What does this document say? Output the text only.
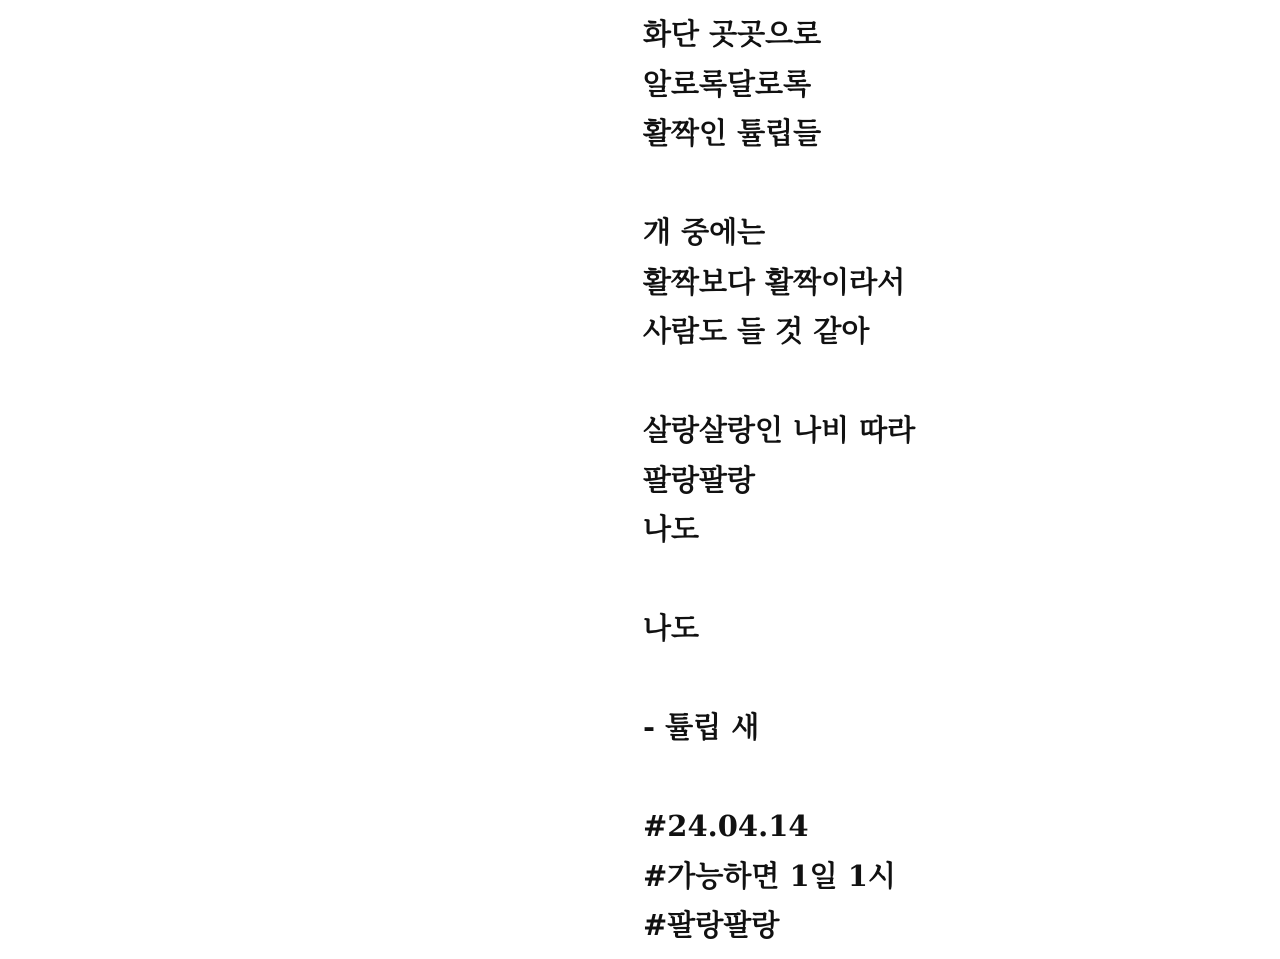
화단 곳곳으로
알로록달로록
활짝인 튤립들
개 중에는
활짝보다 활짝이라서
사람도 들 것 같아
살랑살랑인 나비 따라
팔랑팔랑
나도
나도
- 튤립 새
#24.04.14
#가능하면 1일 1시
#팔랑팔랑
